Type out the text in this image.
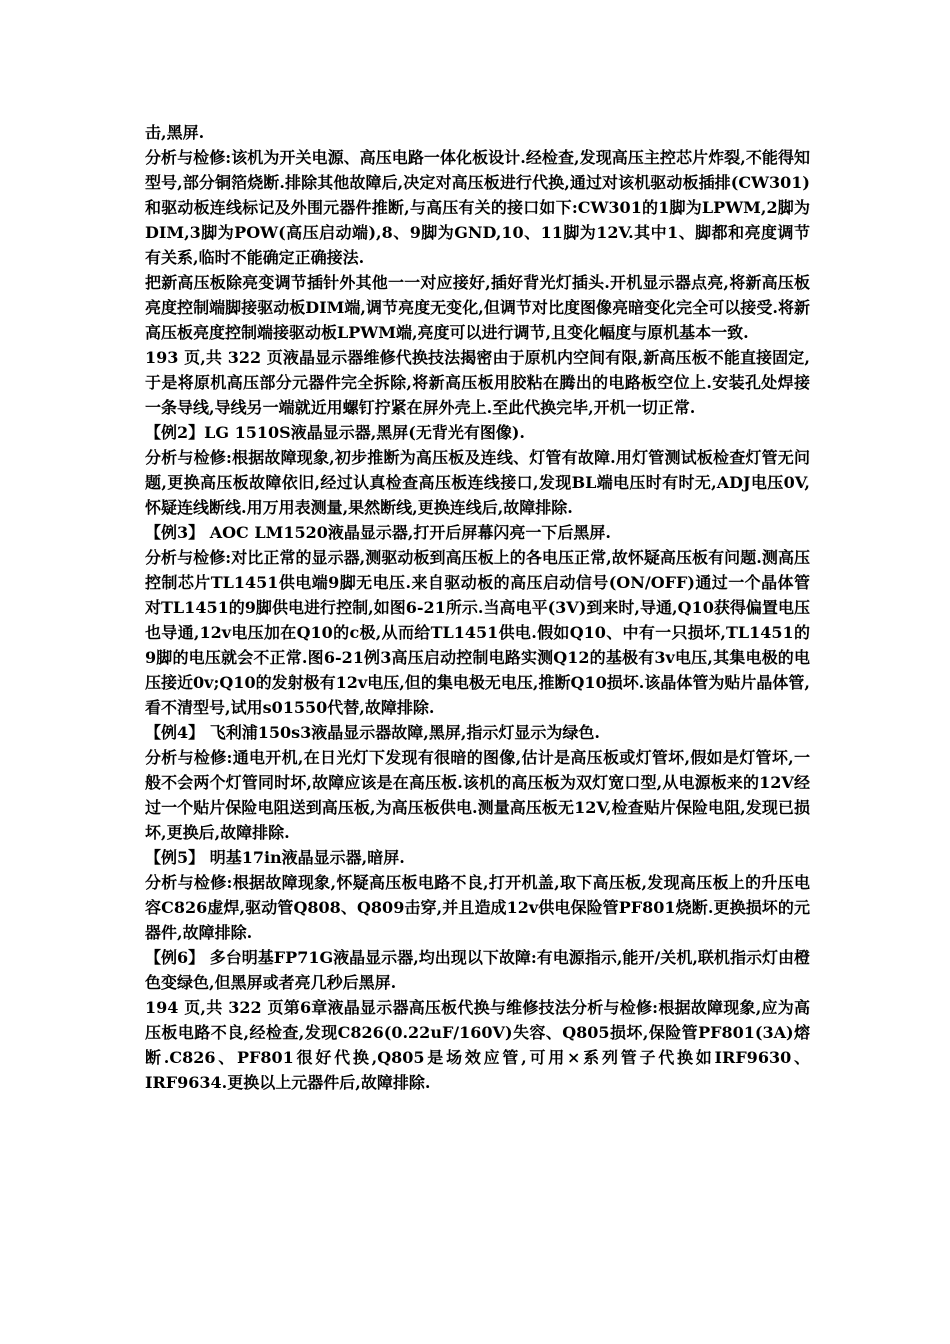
击,黑屏.

分析与检修:该机为开关电源、高压电路一体化板设计.经检查,发现高压主控芯片炸裂,不能得知型号,部分铜箔烧断.排除其他故障后,决定对高压板进行代换,通过对该机驱动板插排(CW301)和驱动板连线标记及外围元器件推断,与高压有关的接口如下:CW301的1脚为LPWM,2脚为DIM,3脚为POW(高压启动端),8、9脚为GND,10、11脚为12V.其中1、脚都和亮度调节有关系,临时不能确定正确接法.

把新高压板除亮变调节插针外其他一一对应接好,插好背光灯插头.开机显示器点亮,将新高压板亮度控制端脚接驱动板DIM端,调节亮度无变化,但调节对比度图像亮暗变化完全可以接受.将新高压板亮度控制端接驱动板LPWM端,亮度可以进行调节,且变化幅度与原机基本一致.

193 页,共 322 页液晶显示器维修代换技法揭密由于原机内空间有限,新高压板不能直接固定,于是将原机高压部分元器件完全拆除,将新高压板用胶粘在腾出的电路板空位上.安装孔处焊接一条导线,导线另一端就近用螺钉拧紧在屏外壳上.至此代换完毕,开机一切正常.

【例2】LG 1510S液晶显示器,黑屏(无背光有图像).

分析与检修:根据故障现象,初步推断为高压板及连线、灯管有故障.用灯管测试板检查灯管无问题,更换高压板故障依旧,经过认真检查高压板连线接口,发现BL端电压时有时无,ADJ电压0V,怀疑连线断线.用万用表测量,果然断线,更换连线后,故障排除.

【例3】 AOC LM1520液晶显示器,打开后屏幕闪亮一下后黑屏.

分析与检修:对比正常的显示器,测驱动板到高压板上的各电压正常,故怀疑高压板有问题.测高压控制芯片TL1451供电端9脚无电压.来自驱动板的高压启动信号(ON/OFF)通过一个晶体管对TL1451的9脚供电进行控制,如图6-21所示.当高电平(3V)到来时,导通,Q10获得偏置电压也导通,12v电压加在Q10的c极,从而给TL1451供电.假如Q10、中有一只损坏,TL1451的9脚的电压就会不正常.图6-21例3高压启动控制电路实测Q12的基极有3v电压,其集电极的电压接近0v;Q10的发射极有12v电压,但的集电极无电压,推断Q10损坏.该晶体管为贴片晶体管,看不清型号,试用s01550代替,故障排除.

【例4】 飞利浦150s3液晶显示器故障,黑屏,指示灯显示为绿色.

分析与检修:通电开机,在日光灯下发现有很暗的图像,估计是高压板或灯管坏,假如是灯管坏,一般不会两个灯管同时坏,故障应该是在高压板.该机的高压板为双灯宽口型,从电源板来的12V经过一个贴片保险电阻送到高压板,为高压板供电.测量高压板无12V,检查贴片保险电阻,发现已损坏,更换后,故障排除.

【例5】 明基17in液晶显示器,暗屏.

分析与检修:根据故障现象,怀疑高压板电路不良,打开机盖,取下高压板,发现高压板上的升压电容C826虚焊,驱动管Q808、Q809击穿,并且造成12v供电保险管PF801烧断.更换损坏的元器件,故障排除.

【例6】 多台明基FP71G液晶显示器,均出现以下故障:有电源指示,能开/关机,联机指示灯由橙色变绿色,但黑屏或者亮几秒后黑屏.

194 页,共 322 页第6章液晶显示器高压板代换与维修技法分析与检修:根据故障现象,应为高压板电路不良,经检查,发现C826(0.22uF/160V)失容、Q805损坏,保险管PF801(3A)熔断.C826、PF801很好代换,Q805是场效应管,可用×系列管子代换如IRF9630、IRF9634.更换以上元器件后,故障排除.
